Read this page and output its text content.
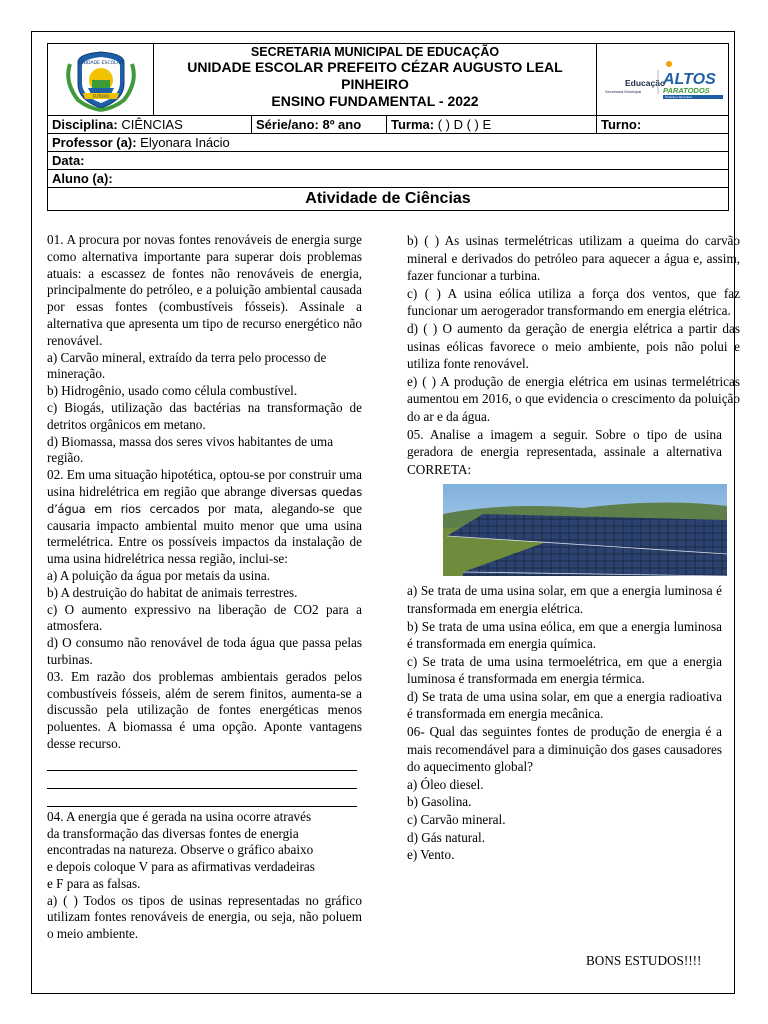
UNIDADE ESCOLAR
FUTURO
SECRETARIA MUNICIPAL DE EDUCAÇÃO
UNIDADE ESCOLAR PREFEITO CÉZAR AUGUSTO LEAL
PINHEIRO
ENSINO FUNDAMENTAL - 2022
Educação
Secretaria Municipal
ALTOS
PARATODOS
Prefeitura Municipal
Disciplina: CIÊNCIAS	Série/ano: 8º ano	Turma: ( ) D ( ) E	Turno:
Professor (a): Elyonara Inácio
Data:
Aluno (a):
Atividade de Ciências

01. A procura por novas fontes renováveis de energia surge como alternativa importante para superar dois problemas atuais: a escassez de fontes não renováveis de energia, principalmente do petróleo, e a poluição ambiental causada por essas fontes (combustíveis fósseis). Assinale a alternativa que apresenta um tipo de recurso energético não renovável.

a) Carvão mineral, extraído da terra pelo processo de mineração.

b) Hidrogênio, usado como célula combustível.

c) Biogás, utilização das bactérias na transformação de detritos orgânicos em metano.

d) Biomassa, massa dos seres vivos habitantes de uma região.

02. Em uma situação hipotética, optou-se por construir uma usina hidrelétrica em região que abrange diversas quedas d’água em rios cercados por mata, alegando-se que causaria impacto ambiental muito menor que uma usina termelétrica. Entre os possíveis impactos da instalação de uma usina hidrelétrica nessa região, inclui-se:

a) A poluição da água por metais da usina.

b) A destruição do habitat de animais terrestres.

c) O aumento expressivo na liberação de CO2 para a atmosfera.

d) O consumo não renovável de toda água que passa pelas turbinas.

03. Em razão dos problemas ambientais gerados pelos combustíveis fósseis, além de serem finitos, aumenta-se a discussão pela utilização de fontes energéticas menos poluentes. A biomassa é uma opção. Aponte vantagens desse recurso.

04. A energia que é gerada na usina ocorre através

da transformação das diversas fontes de energia

encontradas na natureza. Observe o gráfico abaixo

e depois coloque V para as afirmativas verdadeiras

e F para as falsas.

a) ( ) Todos os tipos de usinas representadas no gráfico utilizam fontes renováveis de energia, ou seja, não poluem o meio ambiente.

b) ( ) As usinas termelétricas utilizam a queima do carvão mineral e derivados do petróleo para aquecer a água e, assim, fazer funcionar a turbina.

c) ( ) A usina eólica utiliza a força dos ventos, que faz funcionar um aerogerador transformando em energia elétrica.

d) ( ) O aumento da geração de energia elétrica a partir das usinas eólicas favorece o meio ambiente, pois não polui e utiliza fonte renovável.

e) ( ) A produção de energia elétrica em usinas termelétricas aumentou em 2016, o que evidencia o crescimento da poluição do ar e da água.

05. Analise a imagem a seguir. Sobre o tipo de usina geradora de energia representada, assinale a alternativa CORRETA:

a) Se trata de uma usina solar, em que a energia luminosa é transformada em energia elétrica.

b) Se trata de uma usina eólica, em que a energia luminosa é transformada em energia química.

c) Se trata de uma usina termoelétrica, em que a energia luminosa é transformada em energia térmica.

d) Se trata de uma usina solar, em que a energia radioativa é transformada em energia mecânica.

06- Qual das seguintes fontes de produção de energia é a mais recomendável para a diminuição dos gases causadores do aquecimento global?

a) Óleo diesel.

b) Gasolina.

c) Carvão mineral.

d) Gás natural.

e) Vento.

BONS ESTUDOS!!!!
